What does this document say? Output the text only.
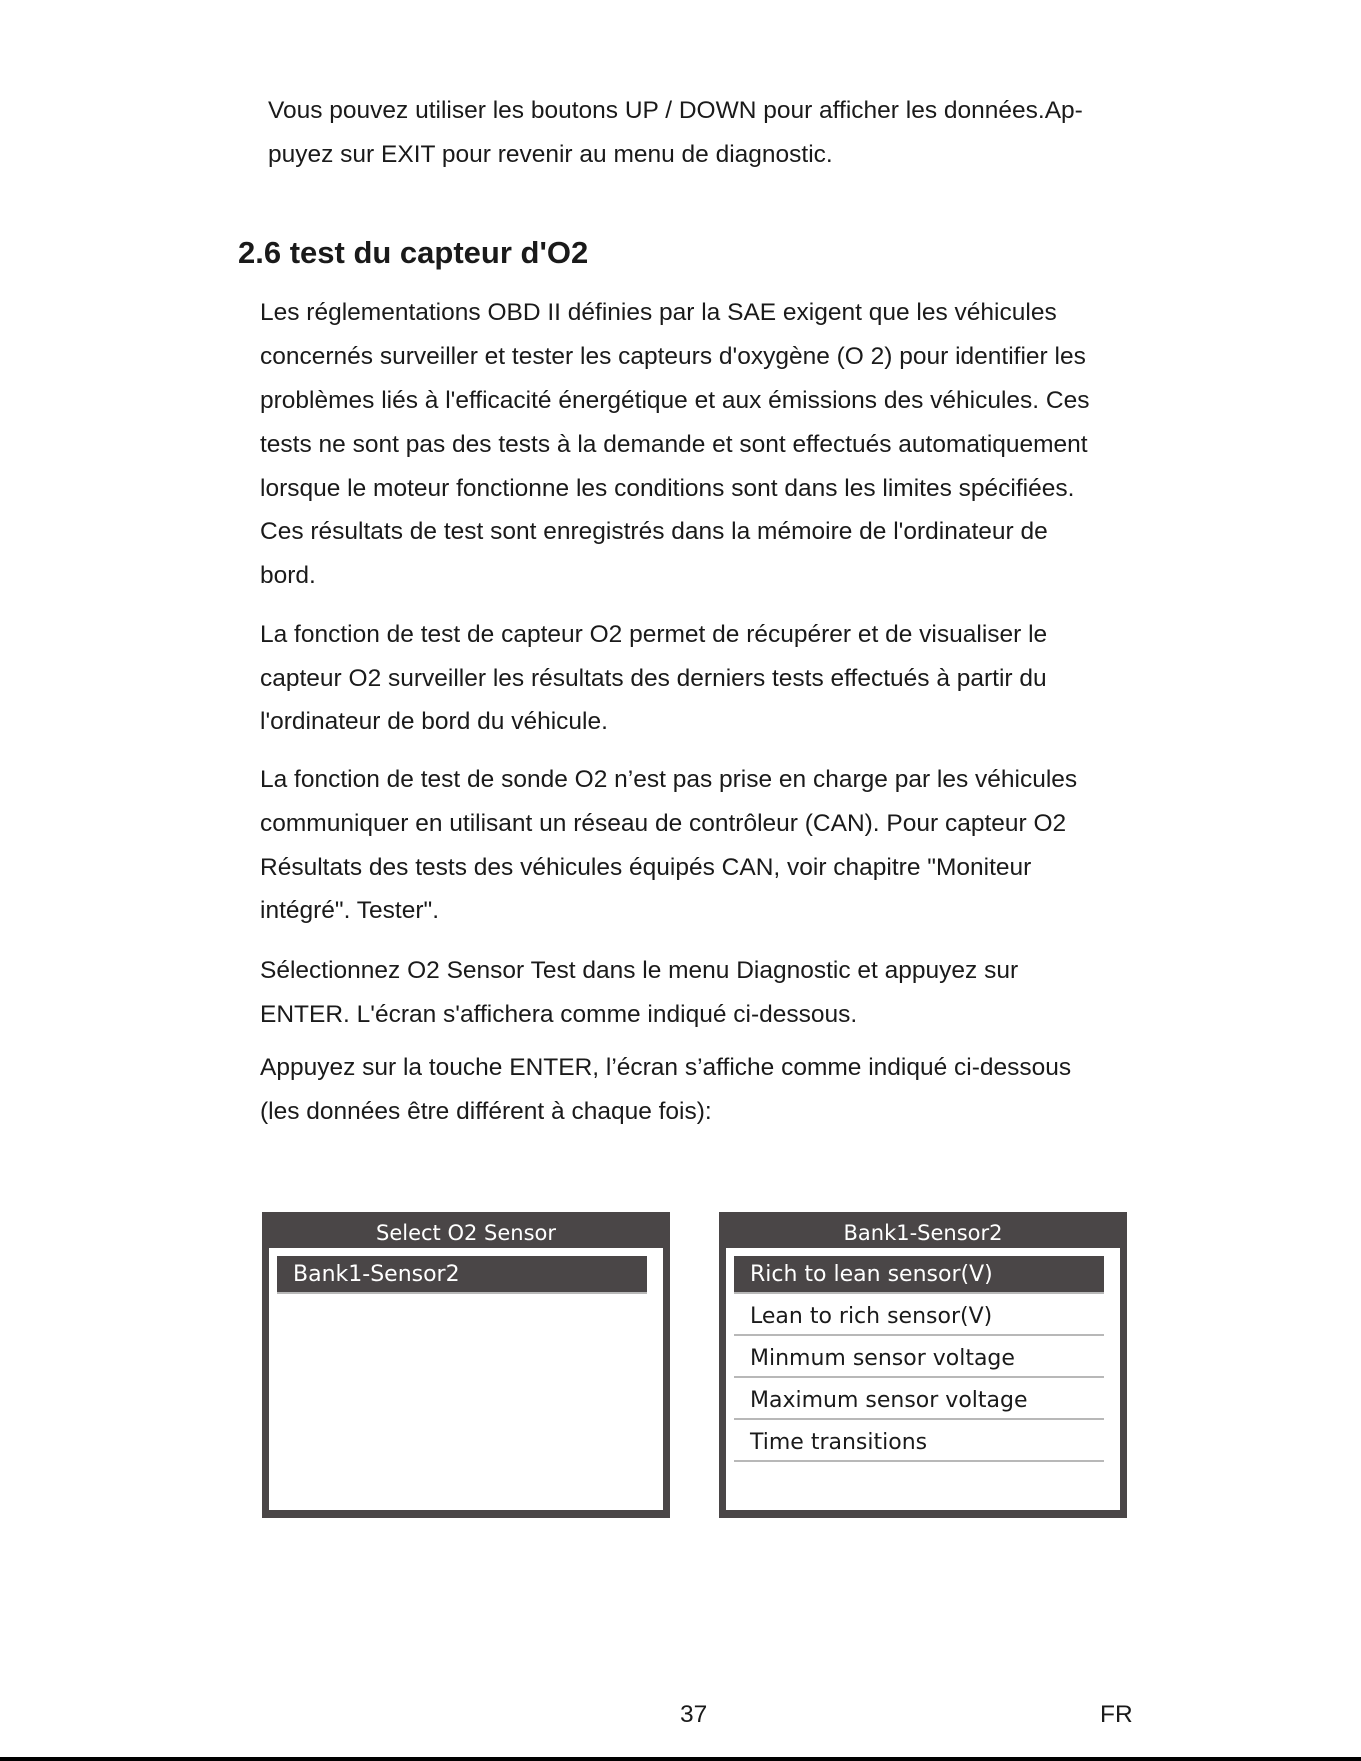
Vous pouvez utiliser les boutons UP / DOWN pour afficher les données.Ap-
puyez sur EXIT pour revenir au menu de diagnostic.
2.6 test du capteur d'O2
Les réglementations OBD II définies par la SAE exigent que les véhicules
concernés surveiller et tester les capteurs d'oxygène (O 2) pour identifier les
problèmes liés à l'efficacité énergétique et aux émissions des véhicules. Ces
tests ne sont pas des tests à la demande et sont effectués automatiquement
lorsque le moteur fonctionne les conditions sont dans les limites spécifiées.
Ces résultats de test sont enregistrés dans la mémoire de l'ordinateur de
bord.
La fonction de test de capteur O2 permet de récupérer et de visualiser le
capteur O2 surveiller les résultats des derniers tests effectués à partir du
l'ordinateur de bord du véhicule.
La fonction de test de sonde O2 n’est pas prise en charge par les véhicules
communiquer en utilisant un réseau de contrôleur (CAN). Pour capteur O2
Résultats des tests des véhicules équipés CAN, voir chapitre "Moniteur
intégré". Tester".
Sélectionnez O2 Sensor Test dans le menu Diagnostic et appuyez sur
ENTER. L'écran s'affichera comme indiqué ci-dessous.
Appuyez sur la touche ENTER, l’écran s’affiche comme indiqué ci-dessous
(les données être différent à chaque fois):
Select O2 Sensor
Bank1-Sensor2
Bank1-Sensor2
Rich to lean sensor(V)
Lean to rich sensor(V)
Minmum sensor voltage
Maximum sensor voltage
Time transitions
37	FR
